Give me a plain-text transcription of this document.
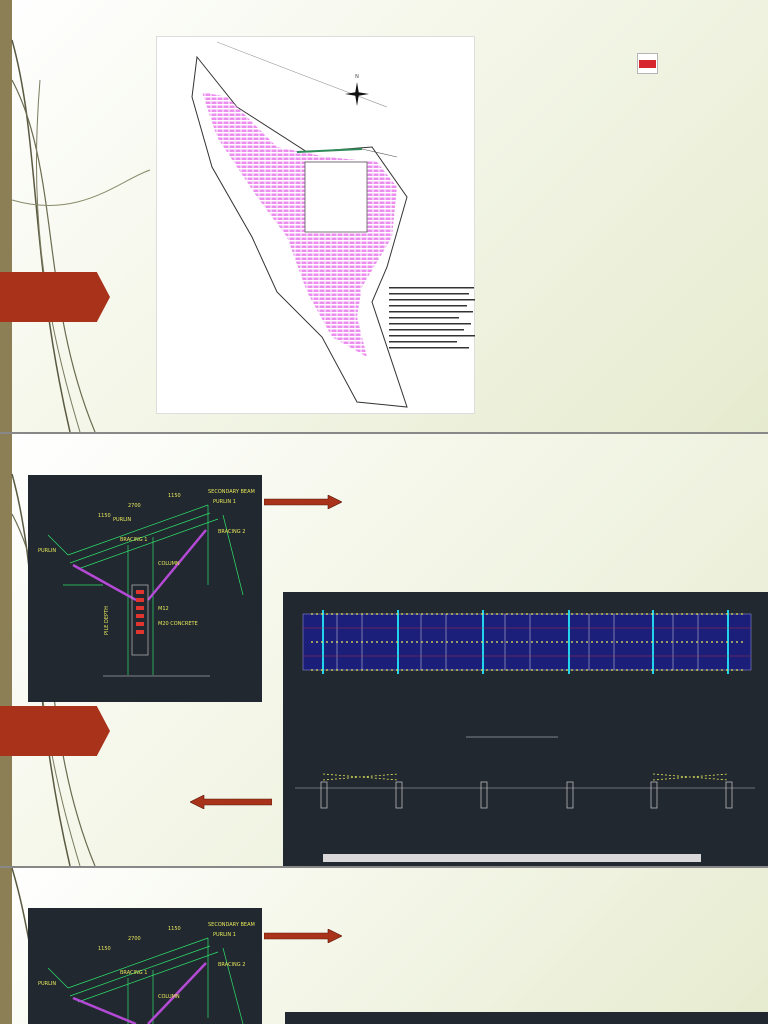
N
2700
1150
1150
SECONDARY BEAM
PURLIN
PURLIN 1
PURLIN
BRACING 2
BRACING 1
COLUMN
M12
M20 CONCRETE
PILE DEPTH
2700
1150
1150
SECONDARY BEAM
PURLIN 1
PURLIN
BRACING 1
BRACING 2
COLUMN
